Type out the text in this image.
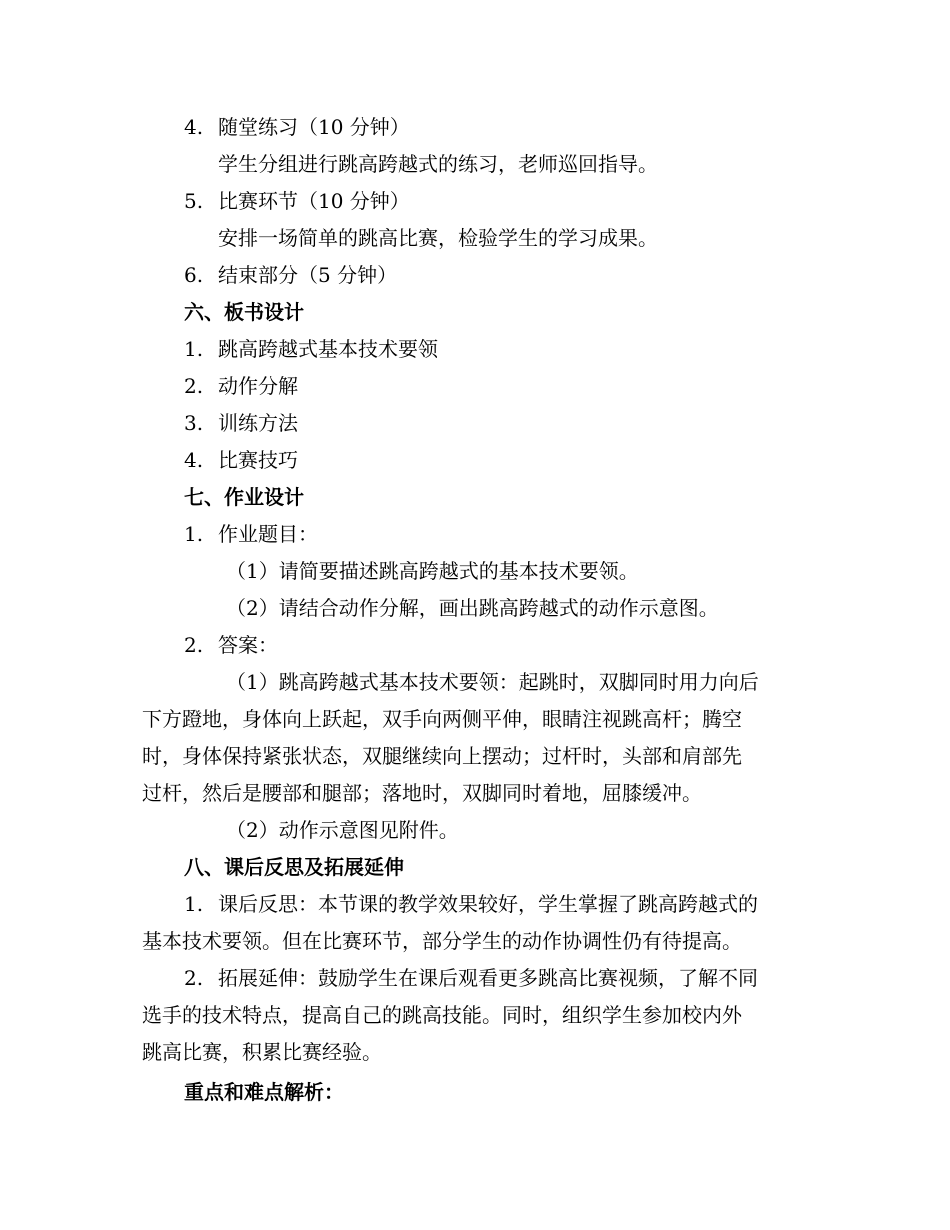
4. 随堂练习（10 分钟）
学生分组进行跳高跨越式的练习，老师巡回指导。
5. 比赛环节（10 分钟）
安排一场简单的跳高比赛，检验学生的学习成果。
6. 结束部分（5 分钟）
六、板书设计
1. 跳高跨越式基本技术要领
2. 动作分解
3. 训练方法
4. 比赛技巧
七、作业设计
1. 作业题目：
（1）请简要描述跳高跨越式的基本技术要领。
（2）请结合动作分解，画出跳高跨越式的动作示意图。
2. 答案：
（1）跳高跨越式基本技术要领：起跳时，双脚同时用力向后
下方蹬地，身体向上跃起，双手向两侧平伸，眼睛注视跳高杆；腾空
时，身体保持紧张状态，双腿继续向上摆动；过杆时，头部和肩部先
过杆，然后是腰部和腿部；落地时，双脚同时着地，屈膝缓冲。
（2）动作示意图见附件。
八、课后反思及拓展延伸
1. 课后反思：本节课的教学效果较好，学生掌握了跳高跨越式的
基本技术要领。但在比赛环节，部分学生的动作协调性仍有待提高。
2. 拓展延伸：鼓励学生在课后观看更多跳高比赛视频，了解不同
选手的技术特点，提高自己的跳高技能。同时，组织学生参加校内外
跳高比赛，积累比赛经验。
重点和难点解析：
